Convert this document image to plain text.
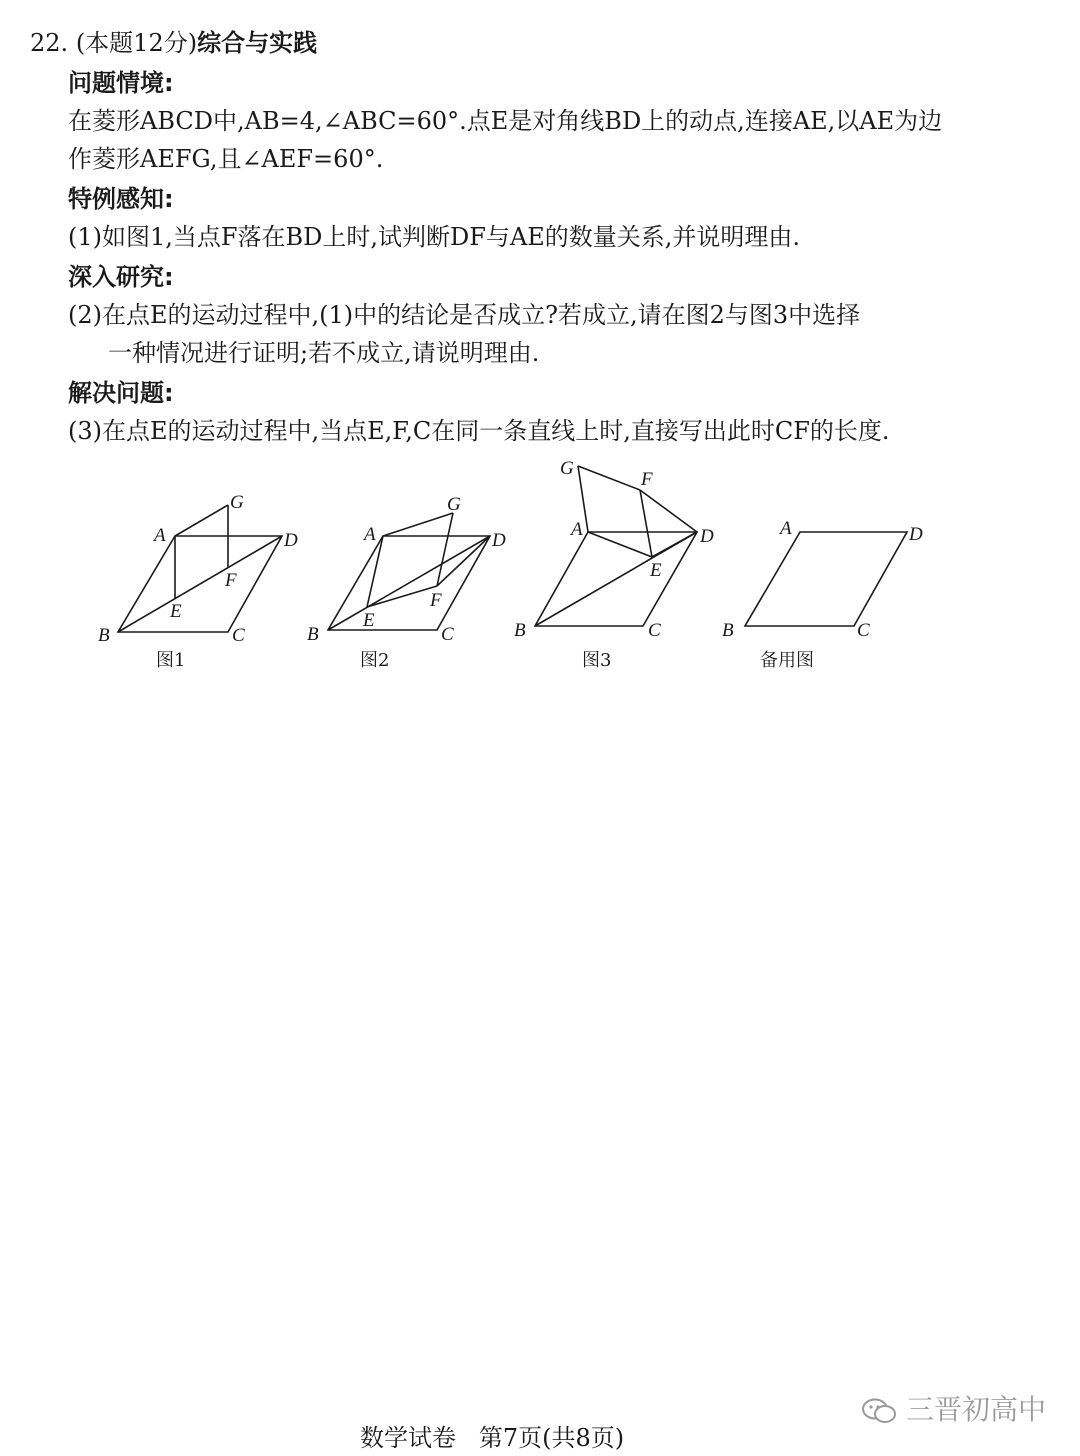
22. (本题12分)综合与实践
问题情境:
在菱形ABCD中,AB=4,∠ABC=60°.点E是对角线BD上的动点,连接AE,以AE为边
作菱形AEFG,且∠AEF=60°.
特例感知:
(1)如图1,当点F落在BD上时,试判断DF与AE的数量关系,并说明理由.
深入研究:
(2)在点E的运动过程中,(1)中的结论是否成立?若成立,请在图2与图3中选择
一种情况进行证明;若不成立,请说明理由.
解决问题:
(3)在点E的运动过程中,当点E,F,C在同一条直线上时,直接写出此时CF的长度.
A
B	C
D
E
F
G
图1
A
B	C
D
E
F
G
图2
A
B	C
D
E
F
G
图3
A
B	C
D
备用图
三晋初高中
数学试卷   第7页(共8页)
